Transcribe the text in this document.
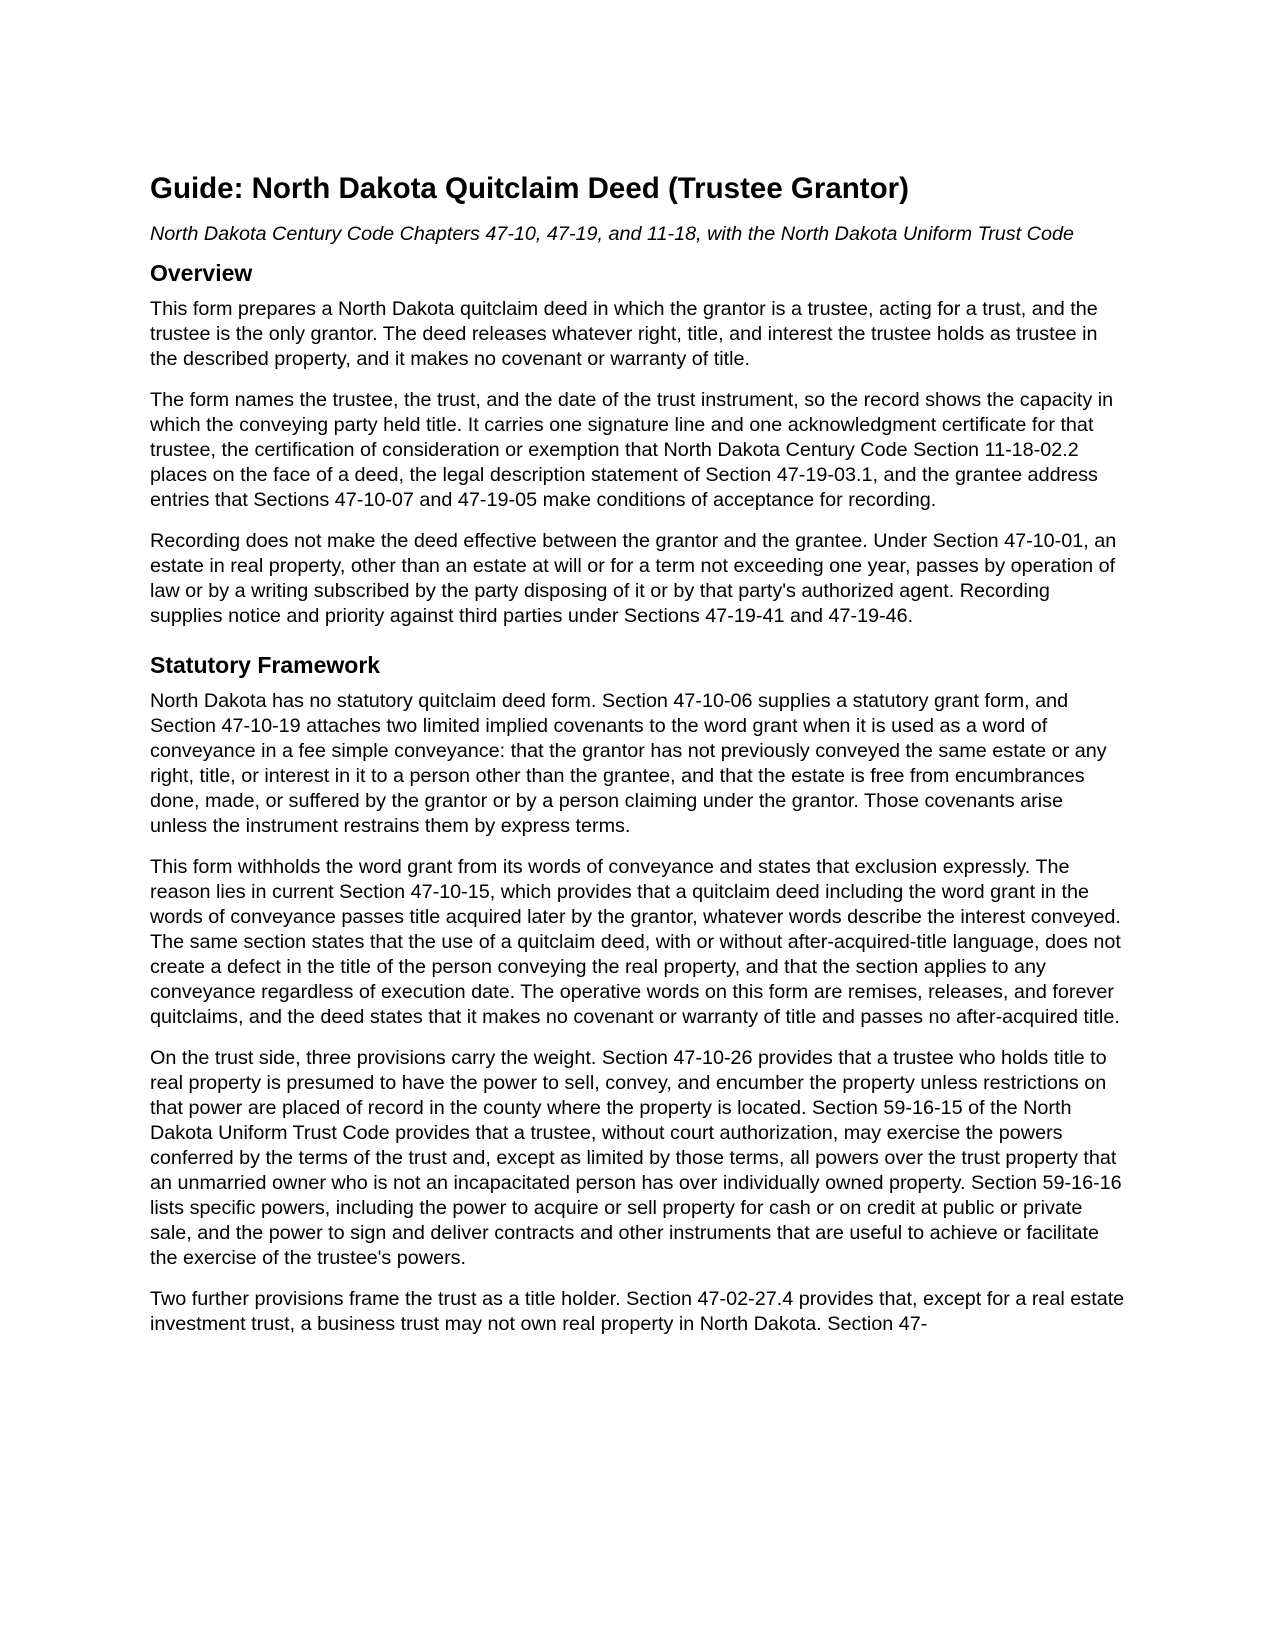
Guide: North Dakota Quitclaim Deed (Trustee Grantor)

North Dakota Century Code Chapters 47-10, 47-19, and 11-18, with the North Dakota Uniform Trust Code

Overview

This form prepares a North Dakota quitclaim deed in which the grantor is a trustee, acting for a trust, and the trustee is the only grantor. The deed releases whatever right, title, and interest the trustee holds as trustee in the described property, and it makes no covenant or warranty of title.

The form names the trustee, the trust, and the date of the trust instrument, so the record shows the capacity in which the conveying party held title. It carries one signature line and one acknowledgment certificate for that trustee, the certification of consideration or exemption that North Dakota Century Code Section 11-18-02.2 places on the face of a deed, the legal description statement of Section 47-19-03.1, and the grantee address entries that Sections 47-10-07 and 47-19-05 make conditions of acceptance for recording.

Recording does not make the deed effective between the grantor and the grantee. Under Section 47-10-01, an estate in real property, other than an estate at will or for a term not exceeding one year, passes by operation of law or by a writing subscribed by the party disposing of it or by that party's authorized agent. Recording supplies notice and priority against third parties under Sections 47-19-41 and 47-19-46.

Statutory Framework

North Dakota has no statutory quitclaim deed form. Section 47-10-06 supplies a statutory grant form, and Section 47-10-19 attaches two limited implied covenants to the word grant when it is used as a word of conveyance in a fee simple conveyance: that the grantor has not previously conveyed the same estate or any right, title, or interest in it to a person other than the grantee, and that the estate is free from encumbrances done, made, or suffered by the grantor or by a person claiming under the grantor. Those covenants arise unless the instrument restrains them by express terms.

This form withholds the word grant from its words of conveyance and states that exclusion expressly. The reason lies in current Section 47-10-15, which provides that a quitclaim deed including the word grant in the words of conveyance passes title acquired later by the grantor, whatever words describe the interest conveyed. The same section states that the use of a quitclaim deed, with or without after-acquired-title language, does not create a defect in the title of the person conveying the real property, and that the section applies to any conveyance regardless of execution date. The operative words on this form are remises, releases, and forever quitclaims, and the deed states that it makes no covenant or warranty of title and passes no after-acquired title.

On the trust side, three provisions carry the weight. Section 47-10-26 provides that a trustee who holds title to real property is presumed to have the power to sell, convey, and encumber the property unless restrictions on that power are placed of record in the county where the property is located. Section 59-16-15 of the North Dakota Uniform Trust Code provides that a trustee, without court authorization, may exercise the powers conferred by the terms of the trust and, except as limited by those terms, all powers over the trust property that an unmarried owner who is not an incapacitated person has over individually owned property. Section 59-16-16 lists specific powers, including the power to acquire or sell property for cash or on credit at public or private sale, and the power to sign and deliver contracts and other instruments that are useful to achieve or facilitate the exercise of the trustee's powers.

Two further provisions frame the trust as a title holder. Section 47-02-27.4 provides that, except for a real estate investment trust, a business trust may not own real property in North Dakota. Section 47-
